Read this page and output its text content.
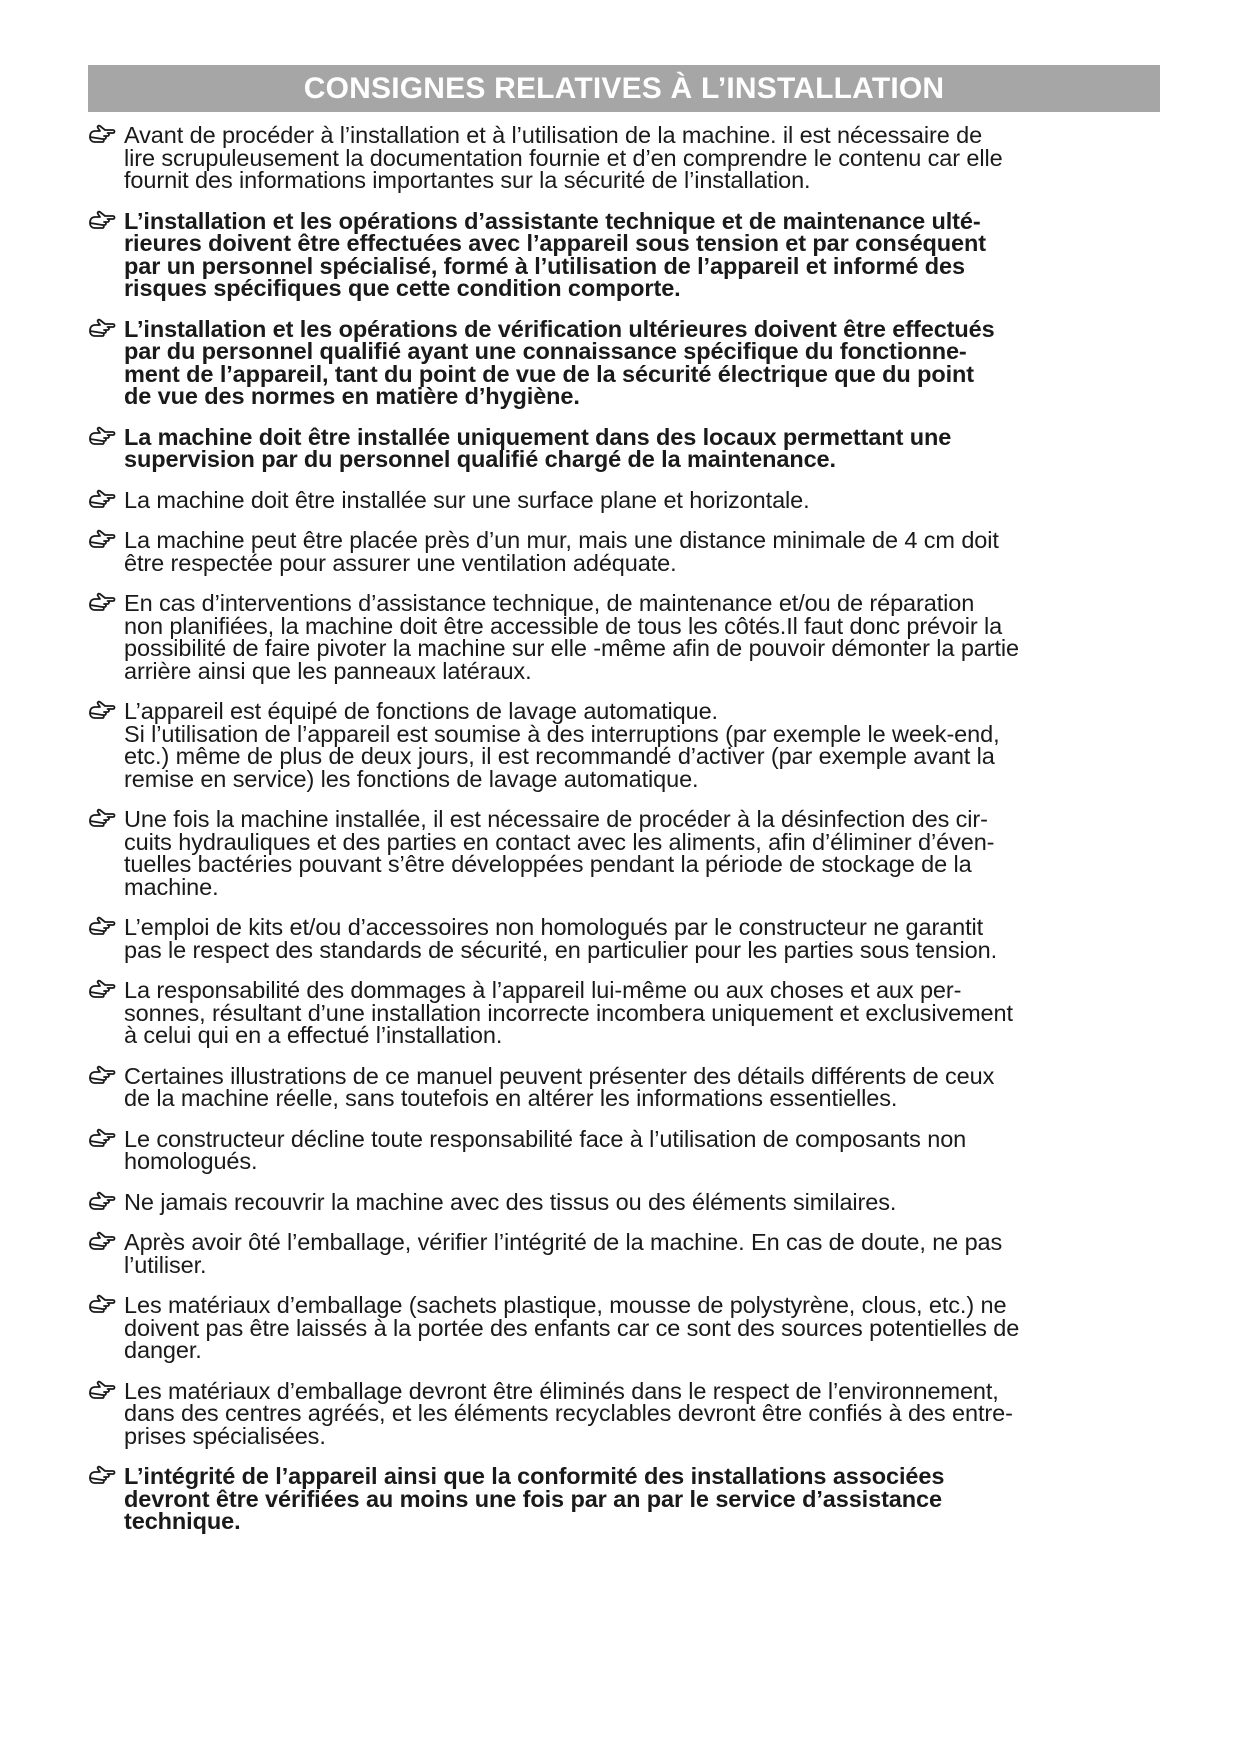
CONSIGNES RELATIVES À L’INSTALLATION
Avant de procéder à l’installation et à l’utilisation de la machine. il est nécessaire de
lire scrupuleusement la documentation fournie et d’en comprendre le contenu car elle
fournit des informations importantes sur la sécurité de l’installation.
L’installation et les opérations d’assistante technique et de maintenance ulté-
rieures doivent être effectuées avec l’appareil sous tension et par conséquent
par un personnel spécialisé, formé à l’utilisation de l’appareil et informé des
risques spécifiques que cette condition comporte.
L’installation et les opérations de vérification ultérieures doivent être effectués
par du personnel qualifié ayant une connaissance spécifique du fonctionne-
ment de l’appareil, tant du point de vue de la sécurité électrique que du point
de vue des normes en matière d’hygiène.
La machine doit être installée uniquement dans des locaux permettant une
supervision par du personnel qualifié chargé de la maintenance.
La machine doit être installée sur une surface plane et horizontale.
La machine peut être placée près d’un mur, mais une distance minimale de 4 cm doit
être respectée pour assurer une ventilation adéquate.
En cas d’interventions d’assistance technique, de maintenance et/ou de réparation
non planifiées, la machine doit être accessible de tous les côtés.Il faut donc prévoir la
possibilité de faire pivoter la machine sur elle -même afin de pouvoir démonter la partie
arrière ainsi que les panneaux latéraux.
L’appareil est équipé de fonctions de lavage automatique.
Si l’utilisation de l’appareil est soumise à des interruptions (par exemple le week-end,
etc.) même de plus de deux jours, il est recommandé d’activer (par exemple avant la
remise en service) les fonctions de lavage automatique.
Une fois la machine installée, il est nécessaire de procéder à la désinfection des cir-
cuits hydrauliques et des parties en contact avec les aliments, afin d’éliminer d’éven-
tuelles bactéries pouvant s’être développées pendant la période de stockage de la
machine.
L’emploi de kits et/ou d’accessoires non homologués par le constructeur ne garantit
pas le respect des standards de sécurité, en particulier pour les parties sous tension.
La responsabilité des dommages à l’appareil lui-même ou aux choses et aux per-
sonnes, résultant d’une installation incorrecte incombera uniquement et exclusivement
à celui qui en a effectué l’installation.
Certaines illustrations de ce manuel peuvent présenter des détails différents de ceux
de la machine réelle, sans toutefois en altérer les informations essentielles.
Le constructeur décline toute responsabilité face à l’utilisation de composants non
homologués.
Ne jamais recouvrir la machine avec des tissus ou des éléments similaires.
Après avoir ôté l’emballage, vérifier l’intégrité de la machine. En cas de doute, ne pas
l’utiliser.
Les matériaux d’emballage (sachets plastique, mousse de polystyrène, clous, etc.) ne
doivent pas être laissés à la portée des enfants car ce sont des sources potentielles de
danger.
Les matériaux d’emballage devront être éliminés dans le respect de l’environnement,
dans des centres agréés, et les éléments recyclables devront être confiés à des entre-
prises spécialisées.
L’intégrité de l’appareil ainsi que la conformité des installations associées
devront être vérifiées au moins une fois par an par le service d’assistance
technique.
